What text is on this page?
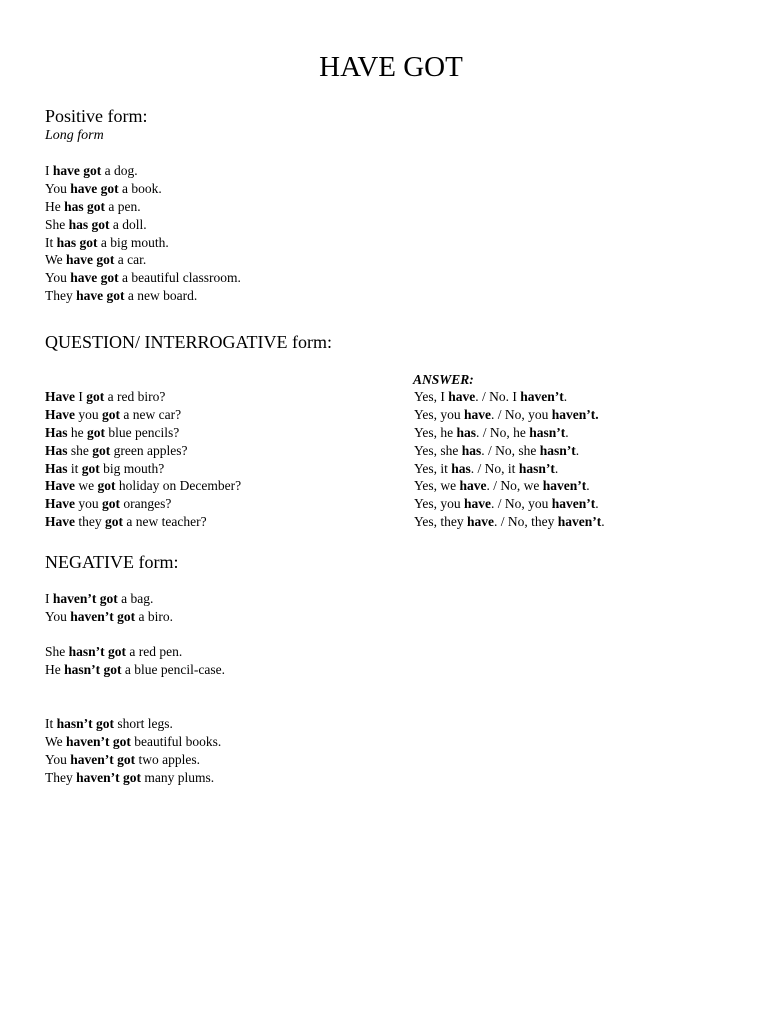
HAVE GOT
Positive form:

Long form

I have got a dog.
You have got a book.
He has got a pen.
She has got a doll.
It has got a big mouth.
We have got a car.
You have got a beautiful classroom.
They have got a new board.
QUESTION/ INTERROGATIVE form:

ANSWER:

Have I got a red biro?
Have you got a new car?
Has he got blue pencils?
Has she got green apples?
Has it got big mouth?
Have we got holiday on December?
Have you got oranges?
Have they got a new teacher?
Yes, I have. / No. I haven’t.
Yes, you have. / No, you haven’t.
Yes, he has. / No, he hasn’t.
Yes, she has. / No, she hasn’t.
Yes, it has. / No, it hasn’t.
Yes, we have. / No, we haven’t.
Yes, you have. / No, you haven’t.
Yes, they have. / No, they haven’t.
NEGATIVE form:
I haven’t got a bag.
You haven’t got a biro.
She hasn’t got a red pen.
He hasn’t got a blue pencil-case.
It hasn’t got short legs.
We haven’t got beautiful books.
You haven’t got two apples.
They haven’t got many plums.
